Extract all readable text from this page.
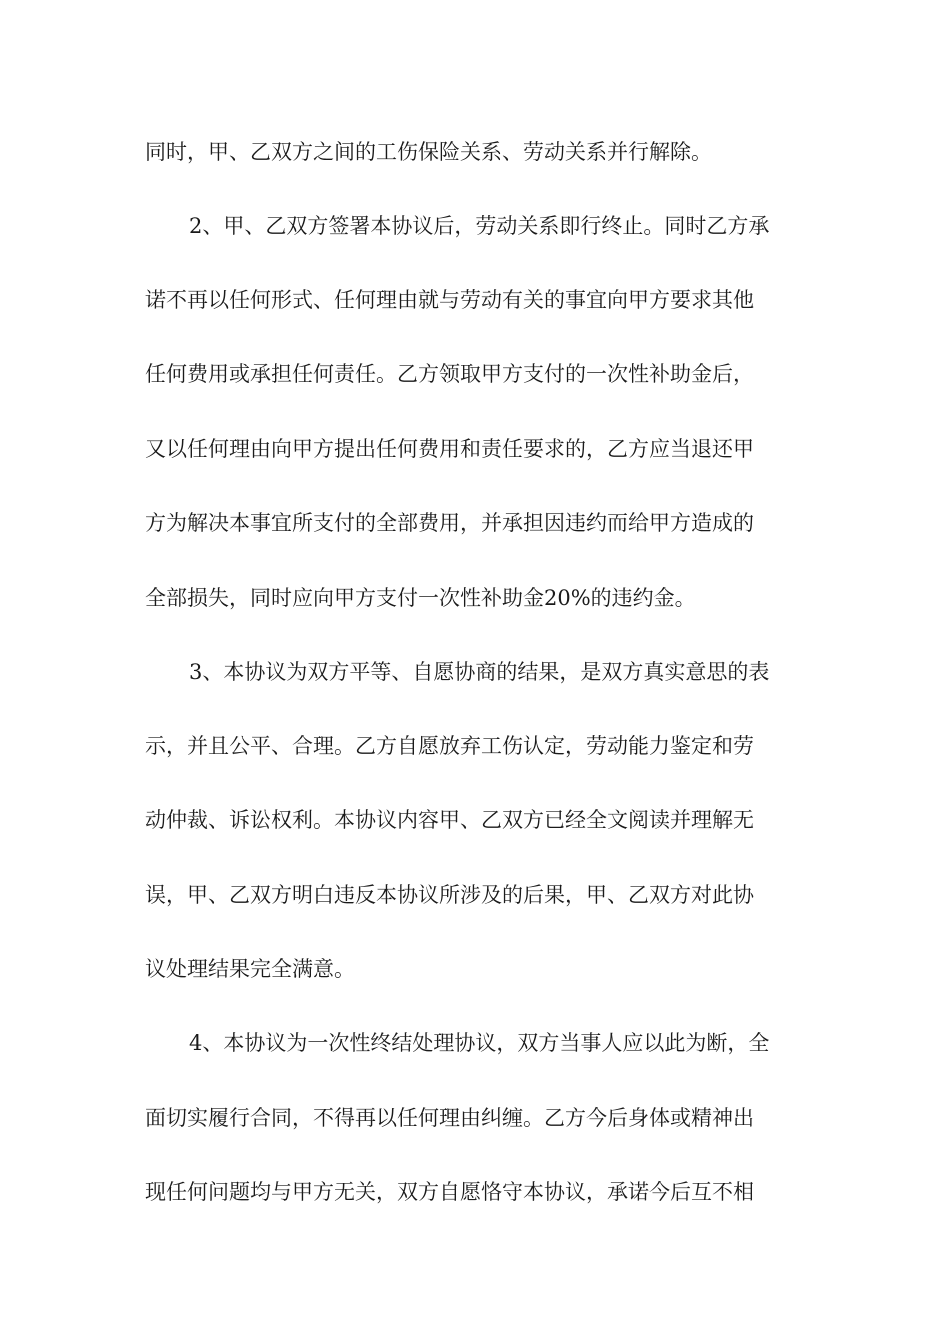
同时，甲、乙双方之间的工伤保险关系、劳动关系并行解除。
2、甲、乙双方签署本协议后，劳动关系即行终止。同时乙方承
诺不再以任何形式、任何理由就与劳动有关的事宜向甲方要求其他
任何费用或承担任何责任。乙方领取甲方支付的一次性补助金后，
又以任何理由向甲方提出任何费用和责任要求的，乙方应当退还甲
方为解决本事宜所支付的全部费用，并承担因违约而给甲方造成的
全部损失，同时应向甲方支付一次性补助金20%的违约金。
3、本协议为双方平等、自愿协商的结果，是双方真实意思的表
示，并且公平、合理。乙方自愿放弃工伤认定，劳动能力鉴定和劳
动仲裁、诉讼权利。本协议内容甲、乙双方已经全文阅读并理解无
误，甲、乙双方明白违反本协议所涉及的后果，甲、乙双方对此协
议处理结果完全满意。
4、本协议为一次性终结处理协议，双方当事人应以此为断，全
面切实履行合同，不得再以任何理由纠缠。乙方今后身体或精神出
现任何问题均与甲方无关，双方自愿恪守本协议，承诺今后互不相
